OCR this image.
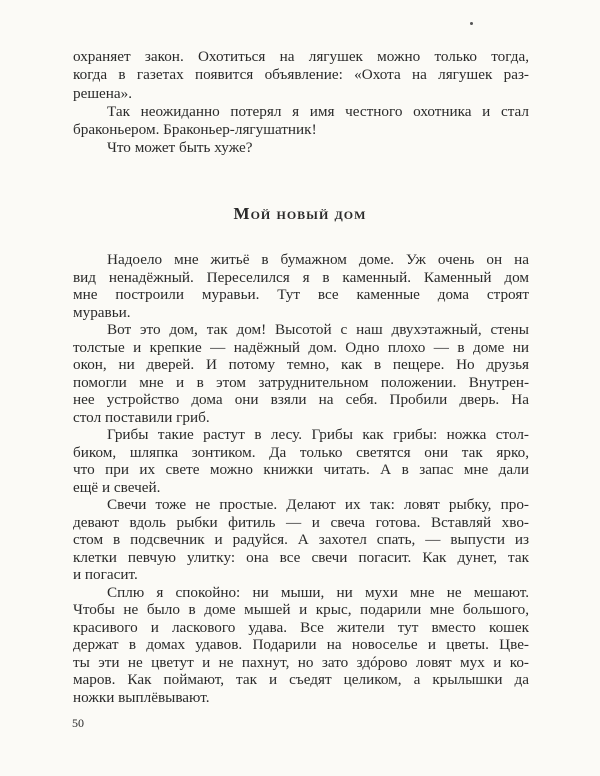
охраняет закон. Охотиться на лягушек можно только тогда,
когда в газетах появится объявление: «Охота на лягушек раз-
решена».
Так неожиданно потерял я имя честного охотника и стал
браконьером. Браконьер-лягушатник!
Что может быть хуже?
Мой новый дом
Надоело мне житьё в бумажном доме. Уж очень он на
вид ненадёжный. Переселился я в каменный. Каменный дом
мне построили муравьи. Тут все каменные дома строят
муравьи.
Вот это дом, так дом! Высотой с наш двухэтажный, стены
толстые и крепкие — надёжный дом. Одно плохо — в доме ни
окон, ни дверей. И потому темно, как в пещере. Но друзья
помогли мне и в этом затруднительном положении. Внутрен-
нее устройство дома они взяли на себя. Пробили дверь. На
стол поставили гриб.
Грибы такие растут в лесу. Грибы как грибы: ножка стол-
биком, шляпка зонтиком. Да только светятся они так ярко,
что при их свете можно книжки читать. А в запас мне дали
ещё и свечей.
Свечи тоже не простые. Делают их так: ловят рыбку, про-
девают вдоль рыбки фитиль — и свеча готова. Вставляй хво-
стом в подсвечник и радуйся. А захотел спать, — выпусти из
клетки певчую улитку: она все свечи погасит. Как дунет, так
и погасит.
Сплю я спокойно: ни мыши, ни мухи мне не мешают.
Чтобы не было в доме мышей и крыс, подарили мне большого,
красивого и ласкового удава. Все жители тут вместо кошек
держат в домах удавов. Подарили на новоселье и цветы. Цве-
ты эти не цветут и не пахнут, но зато здóрово ловят мух и ко-
маров. Как поймают, так и съедят целиком, а крылышки да
ножки выплёвывают.
50
